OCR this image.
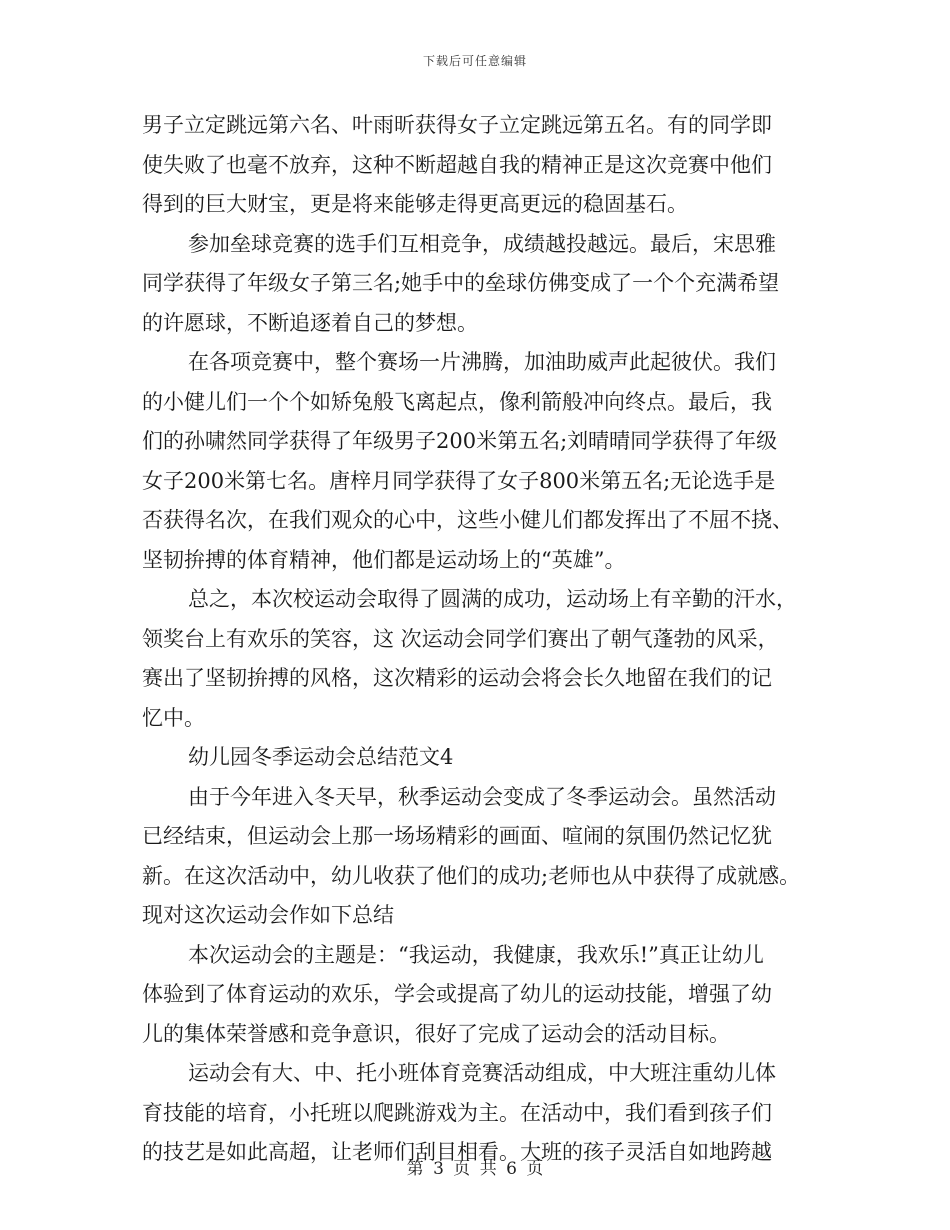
下载后可任意编辑
男子立定跳远第六名、叶雨昕获得女子立定跳远第五名。有的同学即
使失败了也毫不放弃，这种不断超越自我的精神正是这次竞赛中他们
得到的巨大财宝，更是将来能够走得更高更远的稳固基石。
参加垒球竞赛的选手们互相竞争，成绩越投越远。最后，宋思雅
同学获得了年级女子第三名;她手中的垒球仿佛变成了一个个充满希望
的许愿球，不断追逐着自己的梦想。
在各项竞赛中，整个赛场一片沸腾，加油助威声此起彼伏。我们
的小健儿们一个个如矫兔般飞离起点，像利箭般冲向终点。最后，我
们的孙啸然同学获得了年级男子200米第五名;刘晴晴同学获得了年级
女子200米第七名。唐梓月同学获得了女子800米第五名;无论选手是
否获得名次，在我们观众的心中，这些小健儿们都发挥出了不屈不挠、
坚韧拚搏的体育精神，他们都是运动场上的“英雄”。
总之，本次校运动会取得了圆满的成功，运动场上有辛勤的汗水，
领奖台上有欢乐的笑容，这 次运动会同学们赛出了朝气蓬勃的风采，
赛出了坚韧拚搏的风格，这次精彩的运动会将会长久地留在我们的记
忆中。
幼儿园冬季运动会总结范文4
由于今年进入冬天早，秋季运动会变成了冬季运动会。虽然活动
已经结束，但运动会上那一场场精彩的画面、喧闹的氛围仍然记忆犹
新。在这次活动中，幼儿收获了他们的成功;老师也从中获得了成就感。
现对这次运动会作如下总结
本次运动会的主题是：“我运动，我健康，我欢乐!”真正让幼儿
体验到了体育运动的欢乐，学会或提高了幼儿的运动技能，增强了幼
儿的集体荣誉感和竞争意识，很好了完成了运动会的活动目标。
运动会有大、中、托小班体育竞赛活动组成，中大班注重幼儿体
育技能的培育，小托班以爬跳游戏为主。在活动中，我们看到孩子们
的技艺是如此高超，让老师们刮目相看。大班的孩子灵活自如地跨越
第 3 页 共 6 页
